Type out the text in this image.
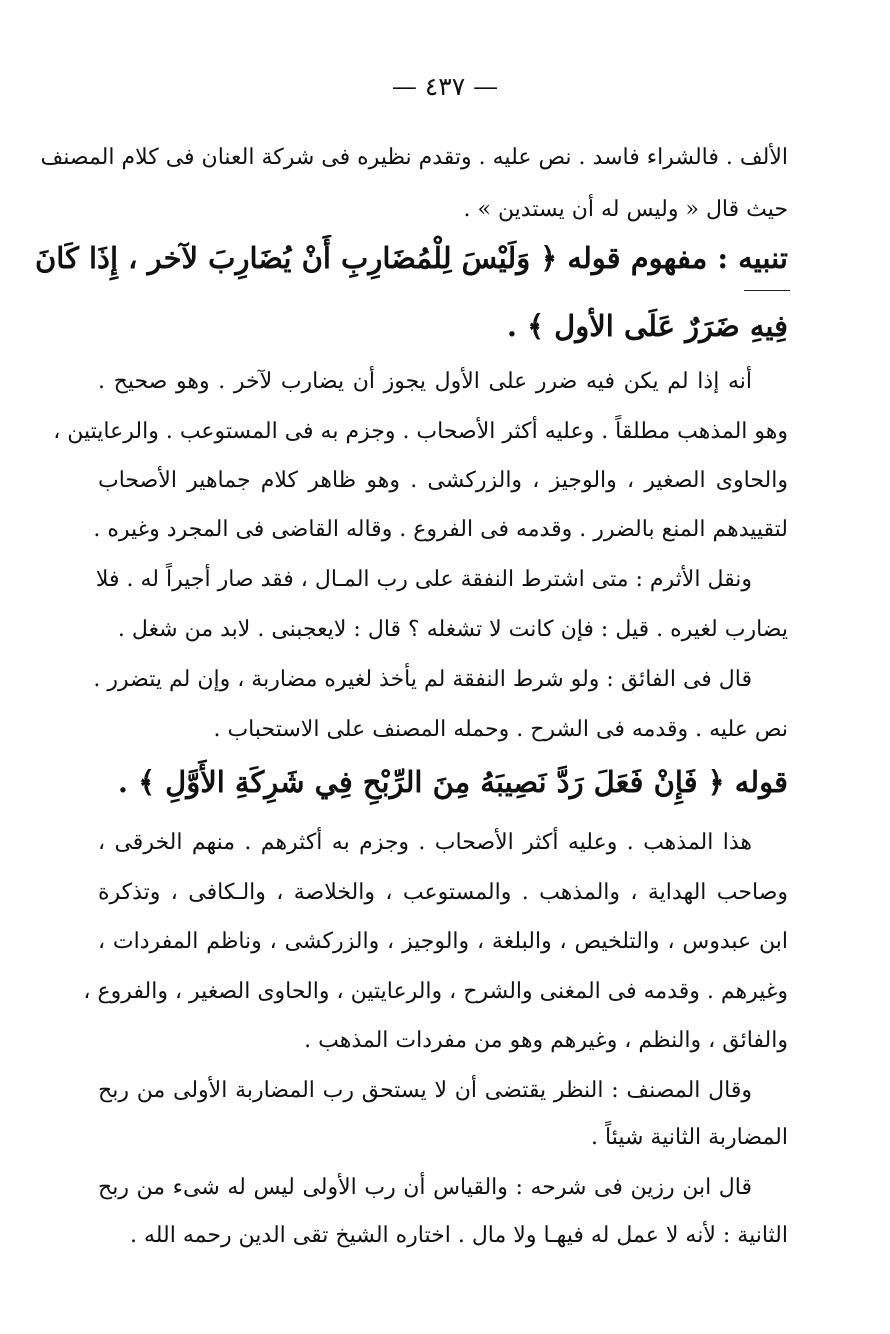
— ٤٣٧ —
الألف . فالشراء فاسد . نص عليه . وتقدم نظيره فى شركة العنان فى كلام المصنف
حيث قال « وليس له أن يستدين » .
تنبيه : مفهوم قوله ﴿ وَلَيْسَ لِلْمُضَارِبِ أَنْ يُضَارِبَ لآخر ، إِذَا كَانَ
فِيهِ ضَرَرٌ عَلَى الأول ﴾ .
أنه إذا لم يكن فيه ضرر على الأول يجوز أن يضارب لآخر . وهو صحيح .
وهو المذهب مطلقاً . وعليه أكثر الأصحاب . وجزم به فى المستوعب . والرعايتين ،
والحاوى الصغير ، والوجيز ، والزركشى . وهو ظاهر كلام جماهير الأصحاب
لتقييدهم المنع بالضرر . وقدمه فى الفروع . وقاله القاضى فى المجرد وغيره .
ونقل الأثرم : متى اشترط النفقة على رب المـال ، فقد صار أجيراً له . فلا
يضارب لغيره . قيل : فإن كانت لا تشغله ؟ قال : لايعجبنى . لابد من شغل .
قال فى الفائق : ولو شرط النفقة لم يأخذ لغيره مضاربة ، وإن لم يتضرر .
نص عليه . وقدمه فى الشرح . وحمله المصنف على الاستحباب .
قوله ﴿ فَإِنْ فَعَلَ رَدَّ نَصِيبَهُ مِنَ الرِّبْحِ فِي شَرِكَةِ الأَوَّلِ ﴾ .
هذا المذهب . وعليه أكثر الأصحاب . وجزم به أكثرهم . منهم الخرقى ،
وصاحب الهداية ، والمذهب . والمستوعب ، والخلاصة ، والـكافى ، وتذكرة
ابن عبدوس ، والتلخيص ، والبلغة ، والوجيز ، والزركشى ، وناظم المفردات ،
وغيرهم . وقدمه فى المغنى والشرح ، والرعايتين ، والحاوى الصغير ، والفروع ،
والفائق ، والنظم ، وغيرهم وهو من مفردات المذهب .
وقال المصنف : النظر يقتضى أن لا يستحق رب المضاربة الأولى من ربح
المضاربة الثانية شيئاً .
قال ابن رزين فى شرحه : والقياس أن رب الأولى ليس له شىء من ربح
الثانية : لأنه لا عمل له فيهـا ولا مال . اختاره الشيخ تقى الدين رحمه الله .
